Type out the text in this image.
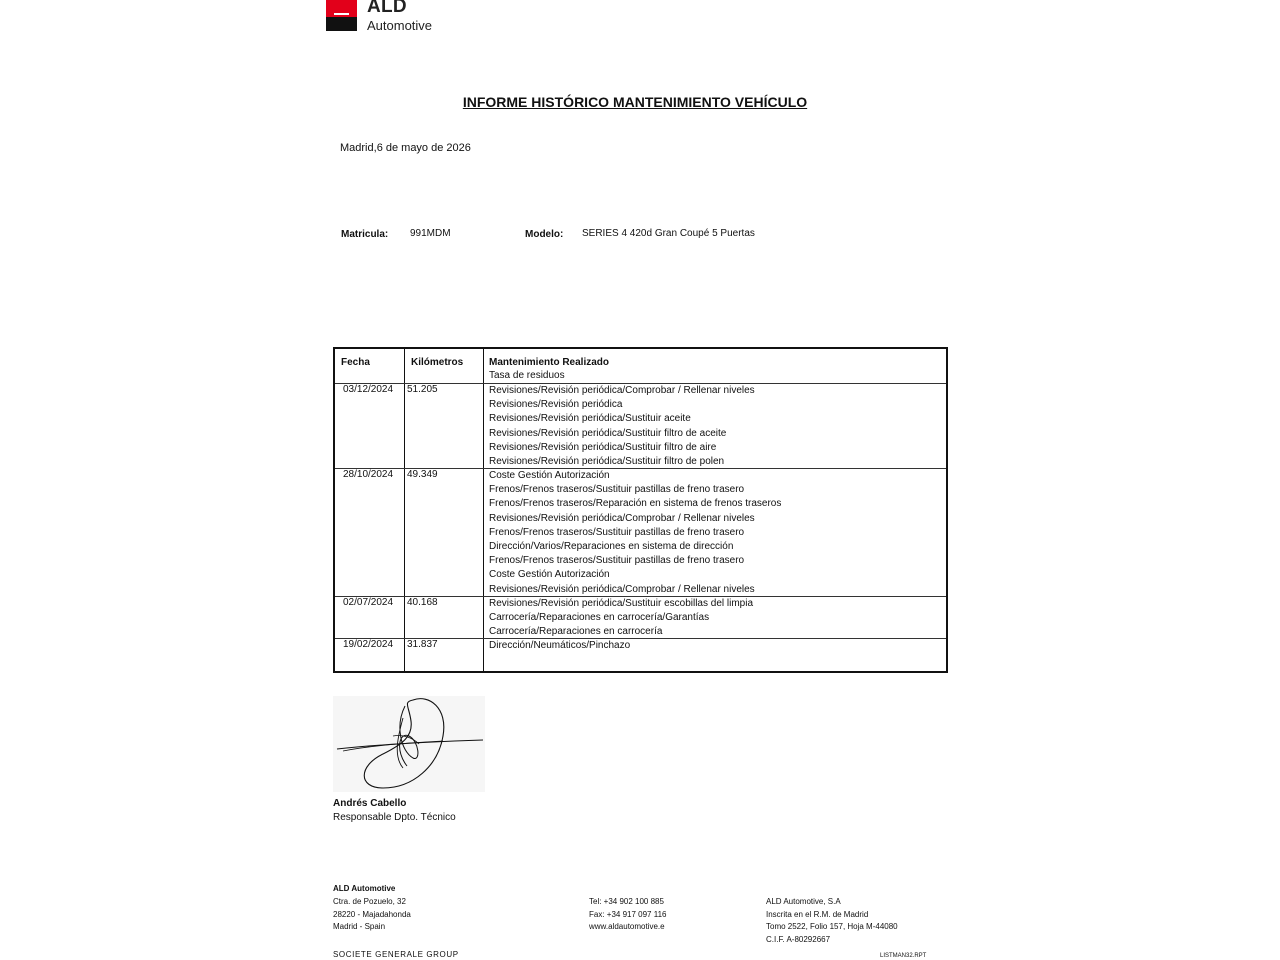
ALD
Automotive
INFORME HISTÓRICO MANTENIMIENTO VEHÍCULO
Madrid,6 de mayo de 2026
Matricula: 991MDM	Modelo: SERIES 4 420d Gran Coupé 5 Puertas
Fecha	Kilómetros	Mantenimiento Realizado
Tasa de residuos
03/12/2024 51.205	Revisiones/Revisión periódica/Comprobar / Rellenar niveles
Revisiones/Revisión periódica
Revisiones/Revisión periódica/Sustituir aceite
Revisiones/Revisión periódica/Sustituir filtro de aceite
Revisiones/Revisión periódica/Sustituir filtro de aire
Revisiones/Revisión periódica/Sustituir filtro de polen
28/10/2024 49.349	Coste Gestión Autorización
Frenos/Frenos traseros/Sustituir pastillas de freno trasero
Frenos/Frenos traseros/Reparación en sistema de frenos traseros
Revisiones/Revisión periódica/Comprobar / Rellenar niveles
Frenos/Frenos traseros/Sustituir pastillas de freno trasero
Dirección/Varios/Reparaciones en sistema de dirección
Frenos/Frenos traseros/Sustituir pastillas de freno trasero
Coste Gestión Autorización
Revisiones/Revisión periódica/Comprobar / Rellenar niveles
02/07/2024 40.168	Revisiones/Revisión periódica/Sustituir escobillas del limpia
Carrocería/Reparaciones en carrocería/Garantías
Carrocería/Reparaciones en carrocería
19/02/2024 31.837	Dirección/Neumáticos/Pinchazo
Andrés Cabello
Responsable Dpto. Técnico
ALD Automotive
Ctra. de Pozuelo, 32
28220 - Majadahonda
Madrid - Spain
Tel: +34 902 100 885
Fax: +34 917 097 116
www.aldautomotive.e
ALD Automotive, S.A
Inscrita en el R.M. de Madrid
Tomo 2522, Folio 157, Hoja M-44080
C.I.F. A-80292667
SOCIETE GENERALE GROUP	LISTMAN32.RPT
